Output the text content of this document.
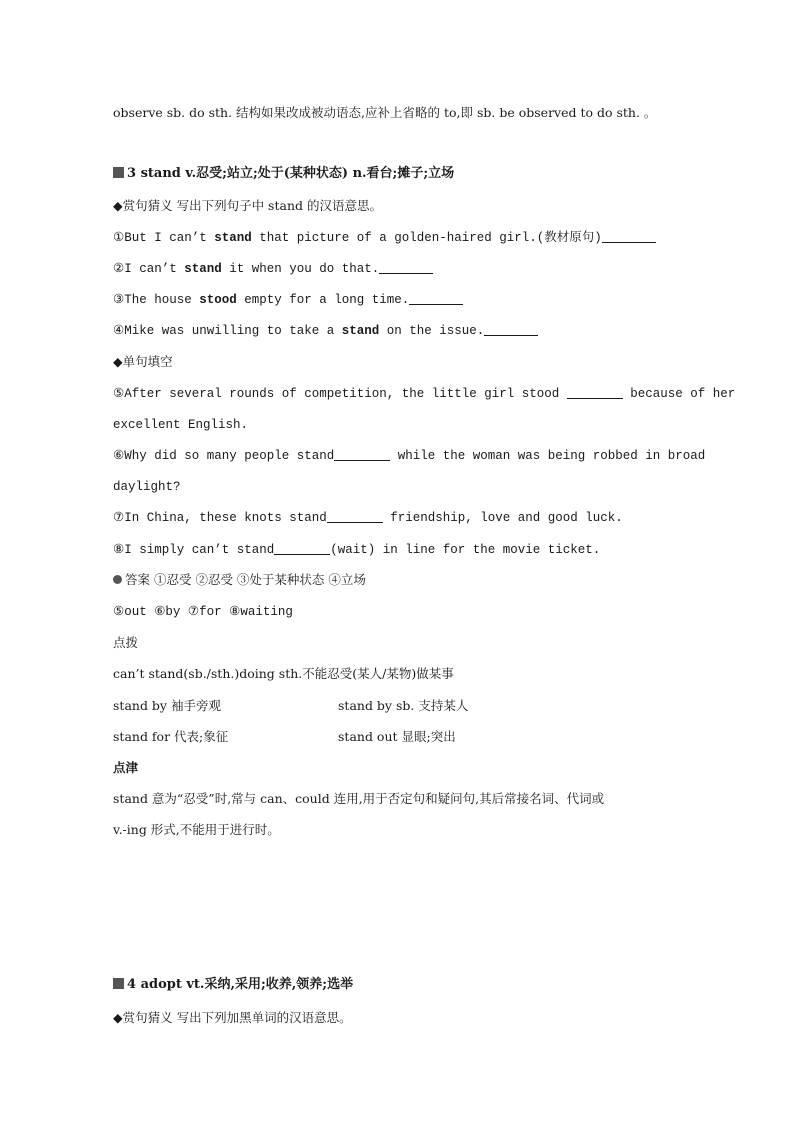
observe sb. do sth. 结构如果改成被动语态,应补上省略的 to,即 sb. be observed to do sth. 。
3 stand v.忍受;站立;处于(某种状态) n.看台;摊子;立场
◆赏句猜义 写出下列句子中 stand 的汉语意思。
①But I can’t stand that picture of a golden-haired girl.(教材原句)
②I can’t stand it when you do that.
③The house stood empty for a long time.
④Mike was unwilling to take a stand on the issue.
◆单句填空
⑤After several rounds of competition, the little girl stood	because of her
excellent English.
⑥Why did so many people stand	while the woman was being robbed in broad
daylight?
⑦In China, these knots stand	friendship, love and good luck.
⑧I simply can’t stand	(wait) in line for the movie ticket.
答案 ①忍受 ②忍受 ③处于某种状态 ④立场
⑤out ⑥by ⑦for ⑧waiting
点拨
can’t stand(sb./sth.)doing sth.不能忍受(某人/某物)做某事
stand by 袖手旁观	stand by sb. 支持某人
stand for 代表;象征	stand out 显眼;突出
点津
stand 意为“忍受”时,常与 can、could 连用,用于否定句和疑问句,其后常接名词、代词或
v.-ing 形式,不能用于进行时。
4 adopt vt.采纳,采用;收养,领养;选举
◆赏句猜义 写出下列加黑单词的汉语意思。
